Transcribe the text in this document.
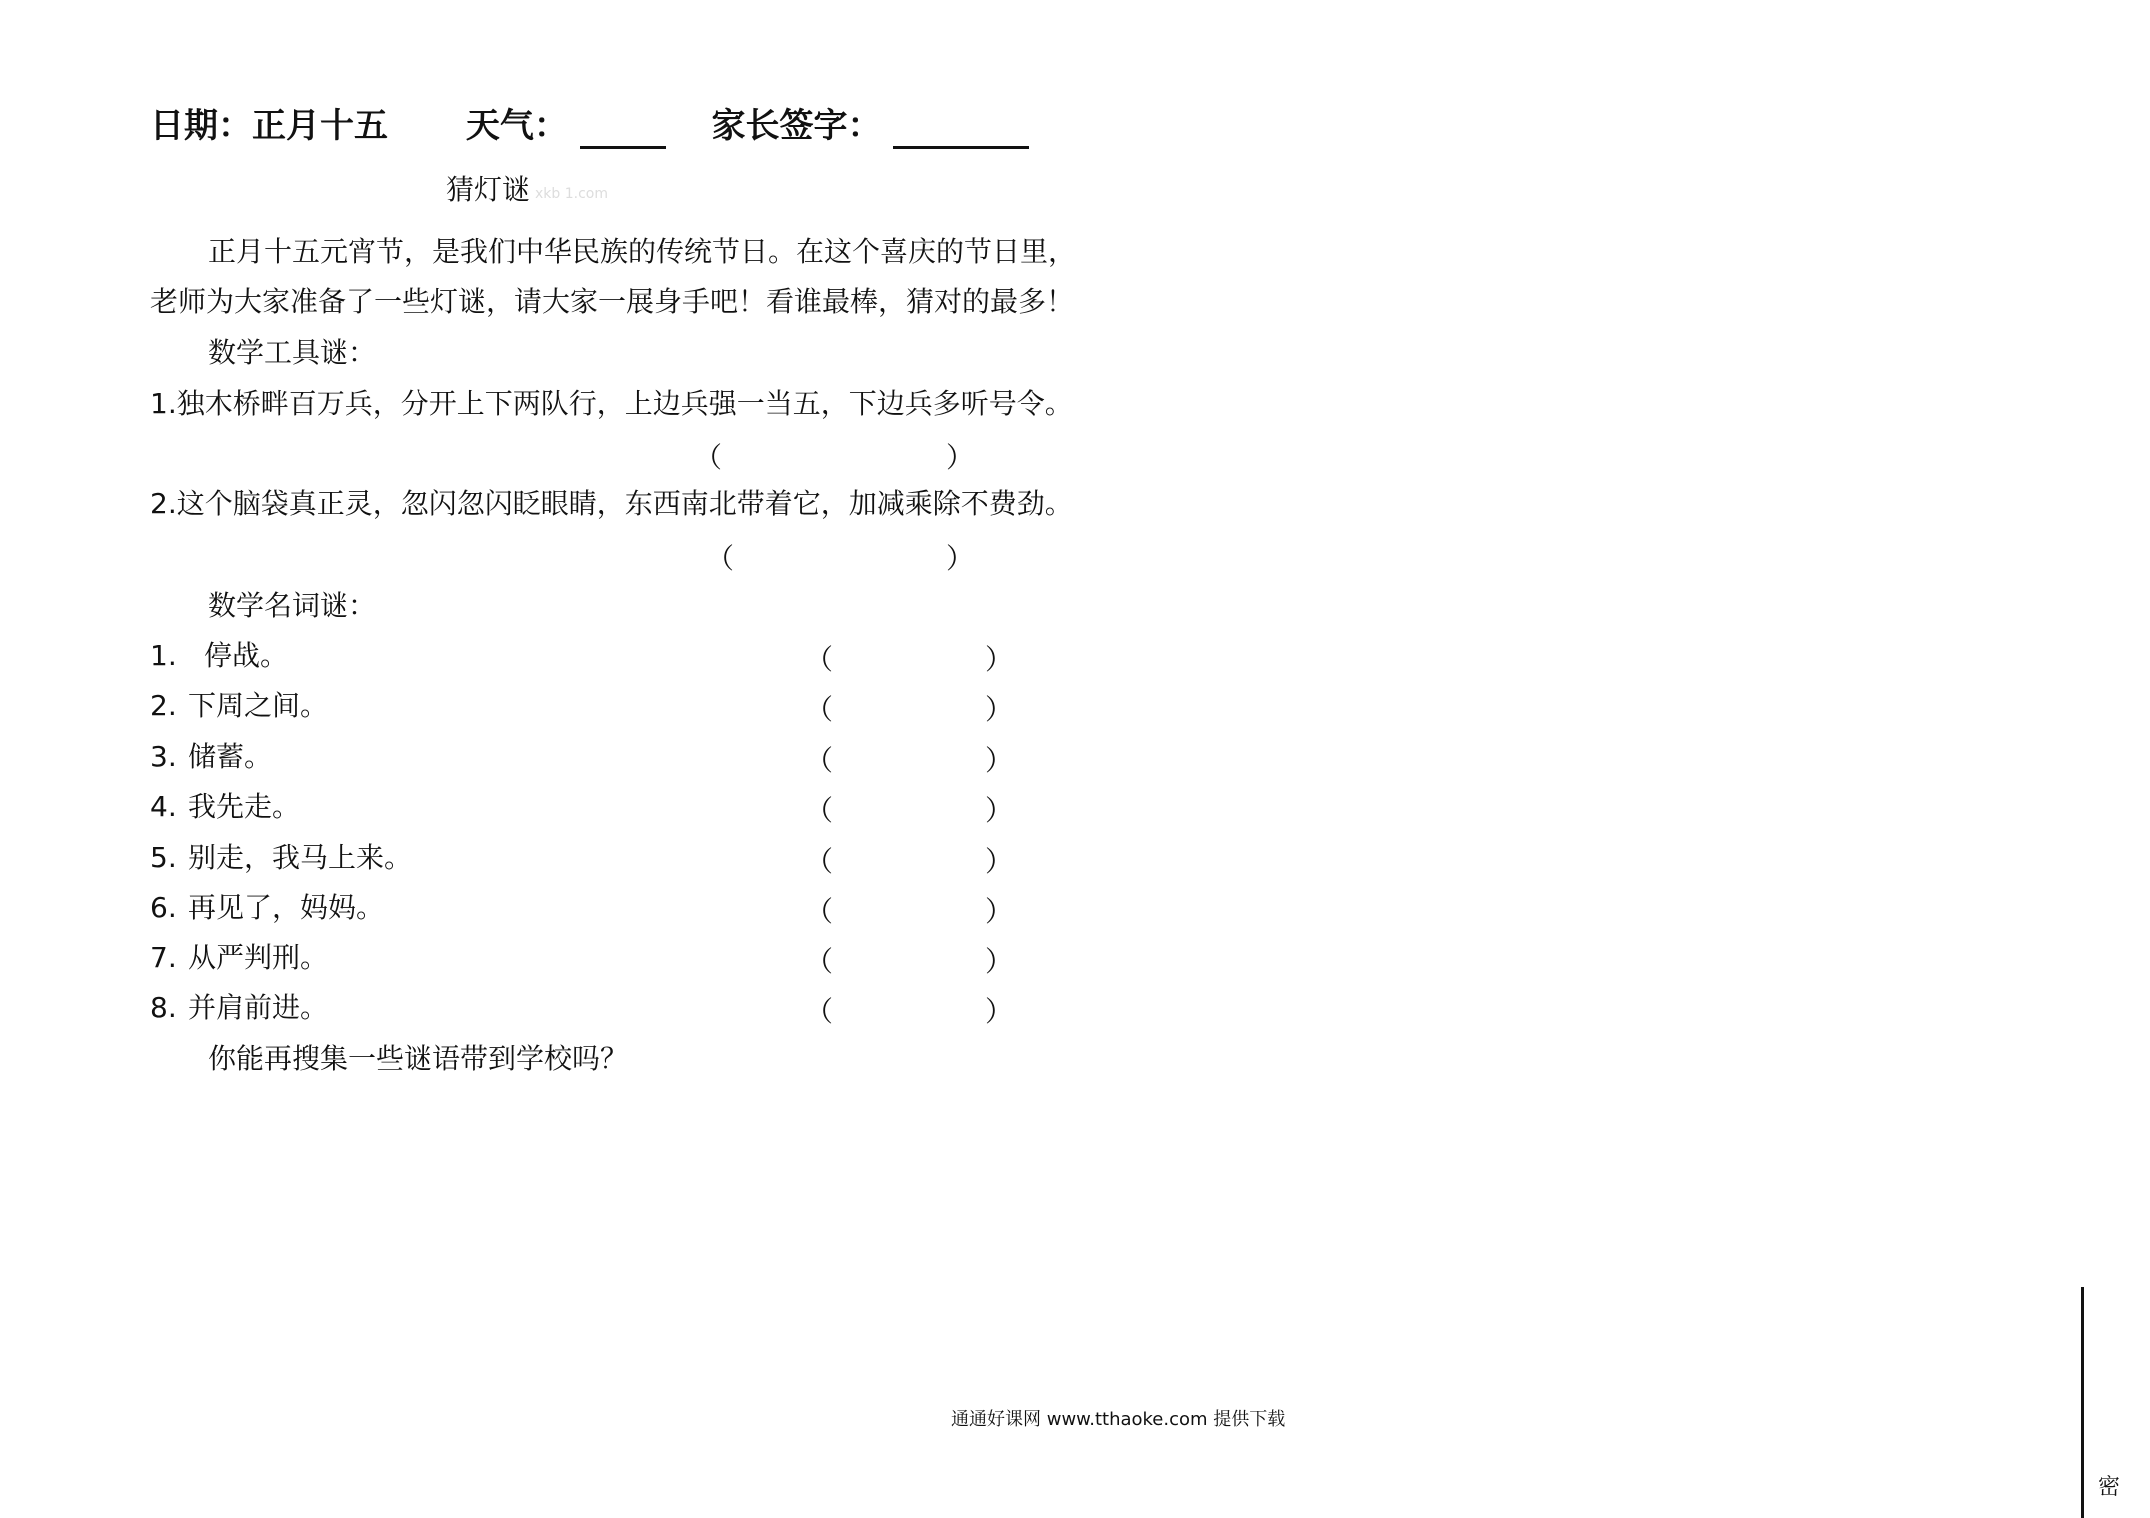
日期：正月十五 天气：	家长签字：
猜灯谜 xkb 1.com
正月十五元宵节，是我们中华民族的传统节日。在这个喜庆的节日里，
老师为大家准备了一些灯谜，请大家一展身手吧！看谁最棒，猜对的最多！
数学工具谜：
1.独木桥畔百万兵，分开上下两队行，上边兵强一当五，下边兵多听号令。
（	）
2.这个脑袋真正灵，忽闪忽闪眨眼睛，东西南北带着它，加减乘除不费劲。
（	）
数学名词谜：
1. 停战。	（	）
2. 下周之间。	（	）
3. 储蓄。	（	）
4. 我先走。	（	）
5. 别走，我马上来。	（	）
6. 再见了，妈妈。	（	）
7. 从严判刑。	（	）
8. 并肩前进。	（	）
你能再搜集一些谜语带到学校吗？
通通好课网 www.tthaoke.com 提供下载
密
